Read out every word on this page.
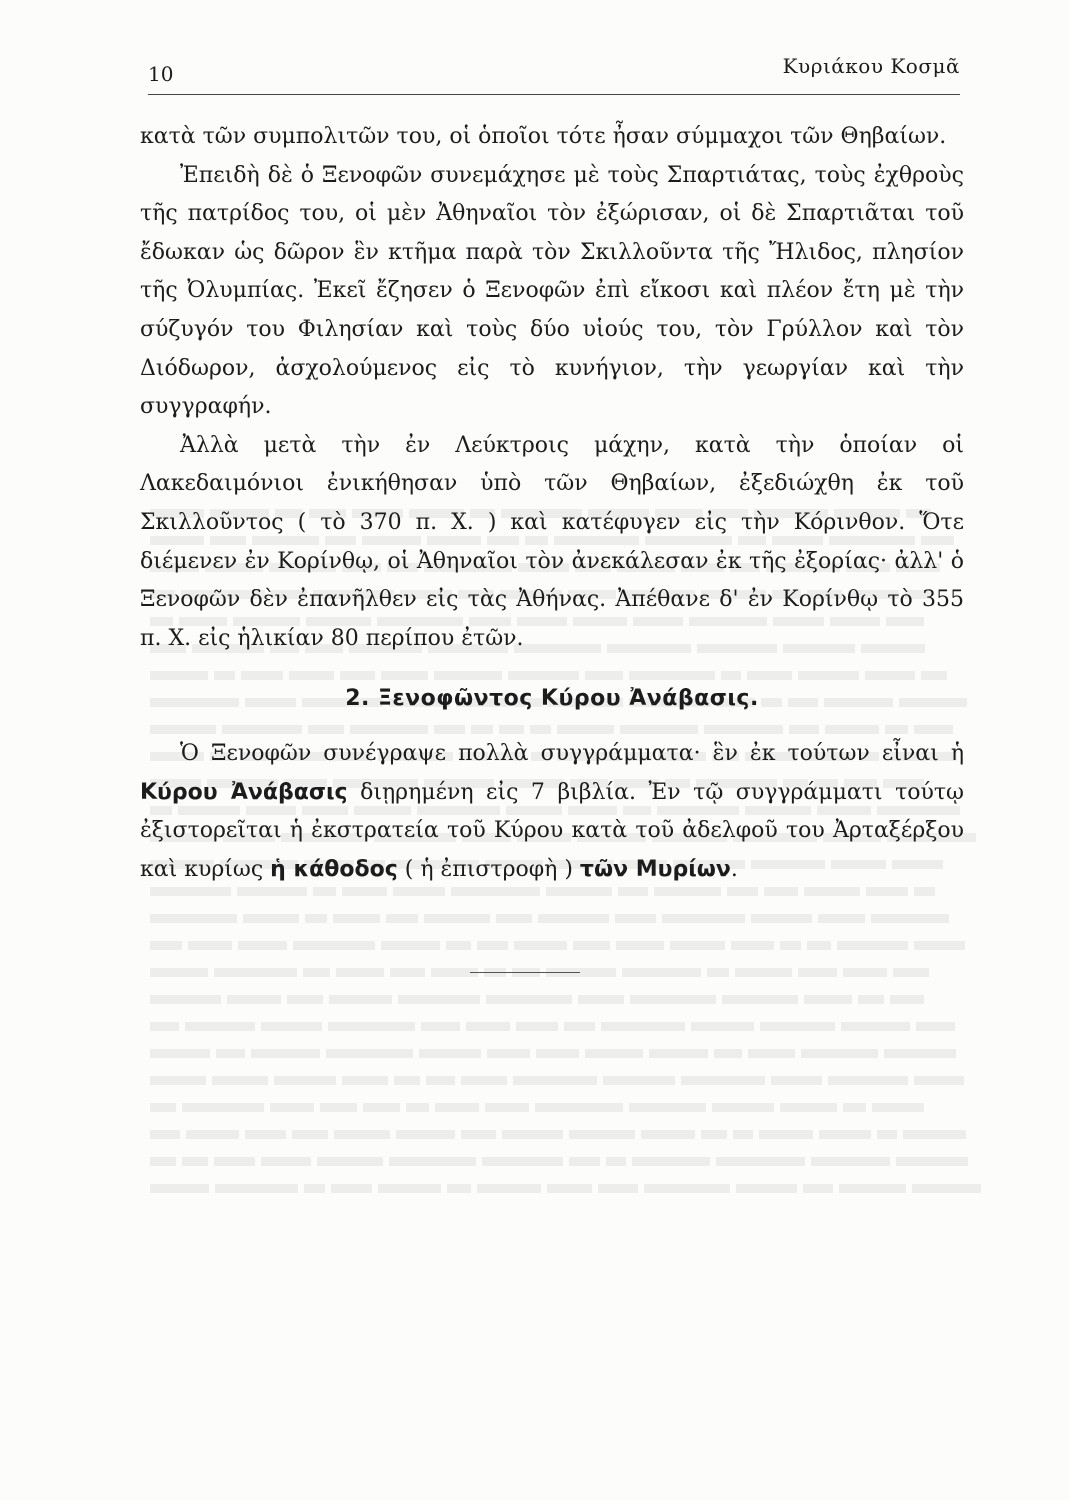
10	Κυριάκου Κοσμᾶ

κατὰ τῶν συμπολιτῶν του, οἱ ὁποῖοι τότε ἦσαν σύμμαχοι τῶν Θηβαίων.

Ἐπειδὴ δὲ ὁ Ξενοφῶν συνεμάχησε μὲ τοὺς Σπαρτιάτας, τοὺς ἐχθροὺς τῆς πατρίδος του, οἱ μὲν Ἀθηναῖοι τὸν ἐξώρισαν, οἱ δὲ Σπαρτιᾶται τοῦ ἔδωκαν ὡς δῶρον ἓν κτῆμα παρὰ τὸν Σκιλλοῦντα τῆς Ἤλιδος, πλησίον τῆς Ὀλυμπίας. Ἐκεῖ ἔζησεν ὁ Ξενοφῶν ἐπὶ εἴκοσι καὶ πλέον ἔτη μὲ τὴν σύζυγόν του Φιλησίαν καὶ τοὺς δύο υἱούς του, τὸν Γρύλλον καὶ τὸν Διόδωρον, ἀσχολούμενος εἰς τὸ κυνήγιον, τὴν γεωργίαν καὶ τὴν συγγραφήν.

Ἀλλὰ μετὰ τὴν ἐν Λεύκτροις μάχην, κατὰ τὴν ὁποίαν οἱ Λακεδαιμόνιοι ἐνικήθησαν ὑπὸ τῶν Θηβαίων, ἐξεδιώχθη ἐκ τοῦ Σκιλλοῦντος ( τὸ 370 π. Χ. ) καὶ κατέφυγεν εἰς τὴν Κόρινθον. Ὅτε διέμενεν ἐν Κορίνθῳ, οἱ Ἀθηναῖοι τὸν ἀνεκάλεσαν ἐκ τῆς ἐξορίας· ἀλλ' ὁ Ξενοφῶν δὲν ἐπανῆλθεν εἰς τὰς Ἀθήνας. Ἀπέθανε δ' ἐν Κορίνθῳ τὸ 355 π. Χ. εἰς ἡλικίαν 80 περίπου ἐτῶν.

2. Ξενοφῶντος Κύρου Ἀνάβασις.

Ὁ Ξενοφῶν συνέγραψε πολλὰ συγγράμματα· ἓν ἐκ τούτων εἶναι ἡ Κύρου Ἀνάβασις διῃρημένη εἰς 7 βιβλία. Ἐν τῷ συγγράμματι τούτῳ ἐξιστορεῖται ἡ ἐκστρατεία τοῦ Κύρου κατὰ τοῦ ἀδελφοῦ του Ἀρταξέρξου καὶ κυρίως ἡ κάθοδος ( ἡ ἐπιστροφὴ ) τῶν Μυρίων.
